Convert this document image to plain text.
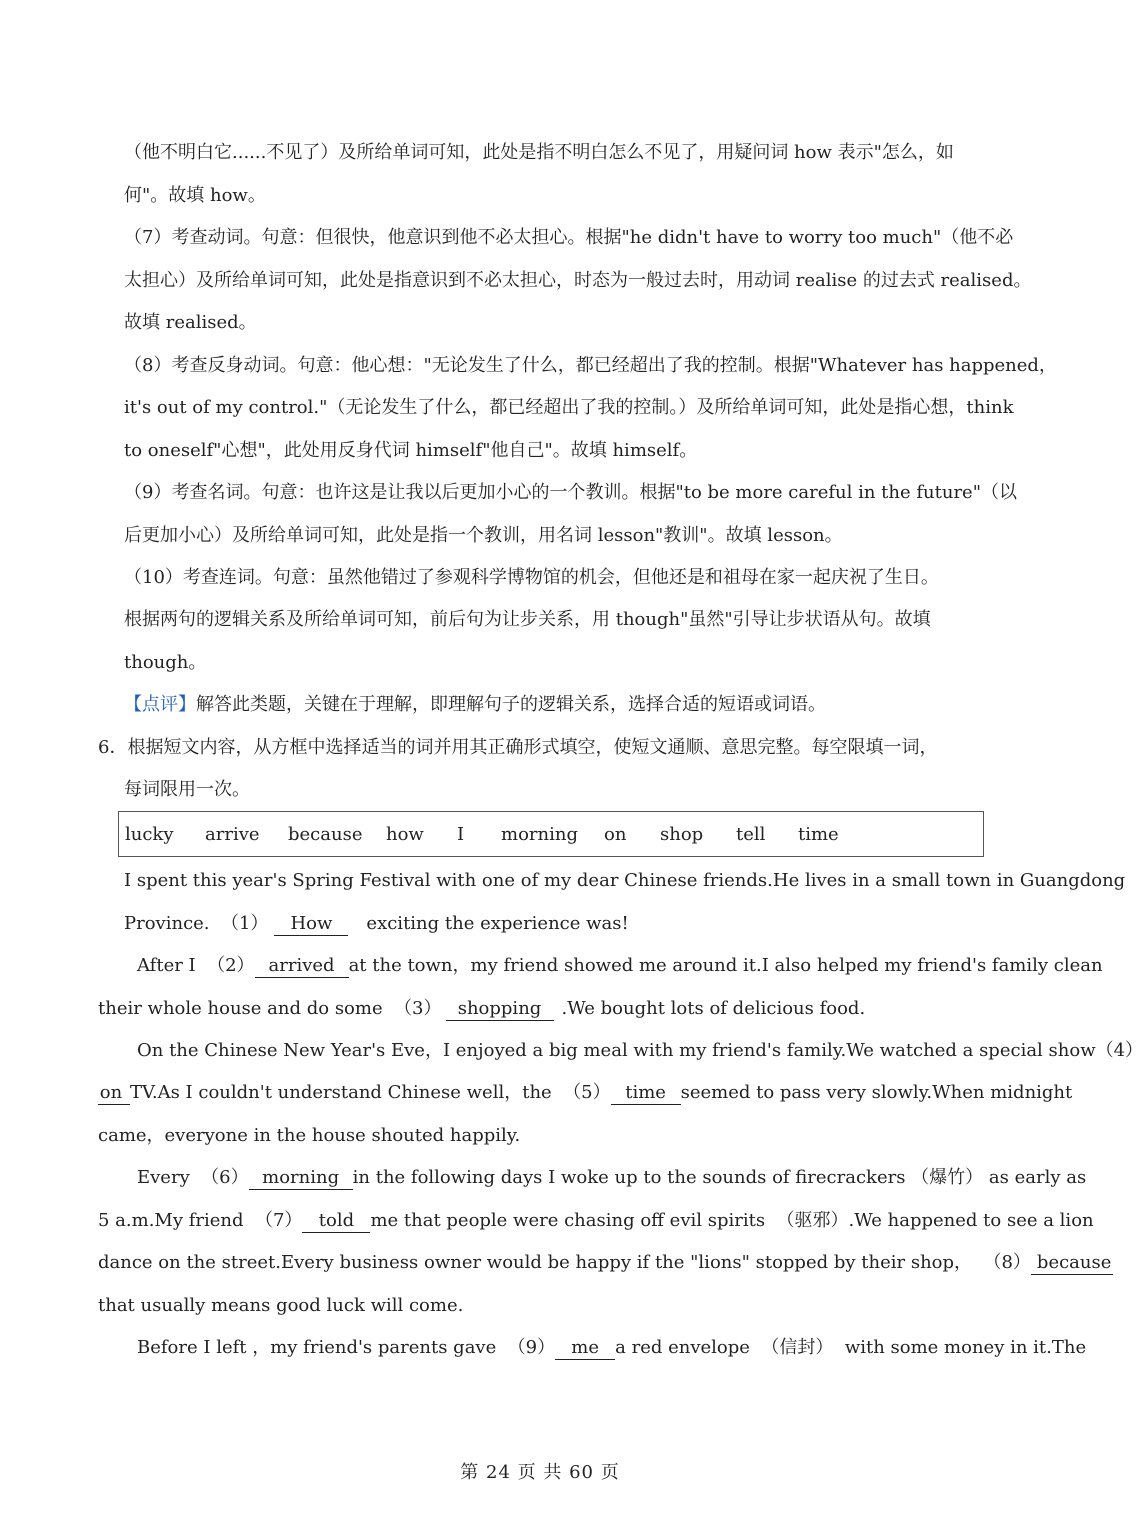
（他不明白它......不见了）及所给单词可知，此处是指不明白怎么不见了，用疑问词 how 表示"怎么，如
何"。故填 how。
（7）考查动词。句意：但很快，他意识到他不必太担心。根据"he didn't have to worry too much"（他不必
太担心）及所给单词可知，此处是指意识到不必太担心，时态为一般过去时，用动词 realise 的过去式 realised。
故填 realised。
（8）考查反身动词。句意：他心想："无论发生了什么，都已经超出了我的控制。根据"Whatever has happened，
it's out of my control."（无论发生了什么，都已经超出了我的控制。）及所给单词可知，此处是指心想，think
to oneself"心想"，此处用反身代词 himself"他自己"。故填 himself。
（9）考查名词。句意：也许这是让我以后更加小心的一个教训。根据"to be more careful in the future"（以
后更加小心）及所给单词可知，此处是指一个教训，用名词 lesson"教训"。故填 lesson。
（10）考查连词。句意：虽然他错过了参观科学博物馆的机会，但他还是和祖母在家一起庆祝了生日。
根据两句的逻辑关系及所给单词可知，前后句为让步关系，用 though"虽然"引导让步状语从句。故填
though。
【点评】 解答此类题，关键在于理解，即理解句子的逻辑关系，选择合适的短语或词语。
6．根据短文内容，从方框中选择适当的词并用其正确形式填空，使短文通顺、意思完整。每空限填一词，
每词限用一次。
lucky arrive because how I morning on shop tell time
I spent this year's Spring Festival with one of my dear Chinese friends.He lives in a small town in Guangdong
Province.  （1）	How	exciting the experience was!
After I  （2） arrived at the town，my friend showed me around it.I also helped my friend's family clean
their whole house and do some  （3） shopping	.We bought lots of delicious food.
On the Chinese New Year's Eve，I enjoyed a big meal with my friend's family.We watched a special show（4）
on TV.As I couldn't understand Chinese well，the  （5） time seemed to pass very slowly.When midnight
came，everyone in the house shouted happily.
Every  （6） morning in the following days I woke up to the sounds of firecrackers （爆竹） as early as
5 a.m.My friend  （7） told me that people were chasing off evil spirits  （驱邪）.We happened to see a lion
dance on the street.Every business owner would be happy if the "lions" stopped by their shop，  （8） because
that usually means good luck will come.
Before I left ，my friend's parents gave  （9） me a red envelope  （信封）  with some money in it.The
第 24 页 共 60 页
